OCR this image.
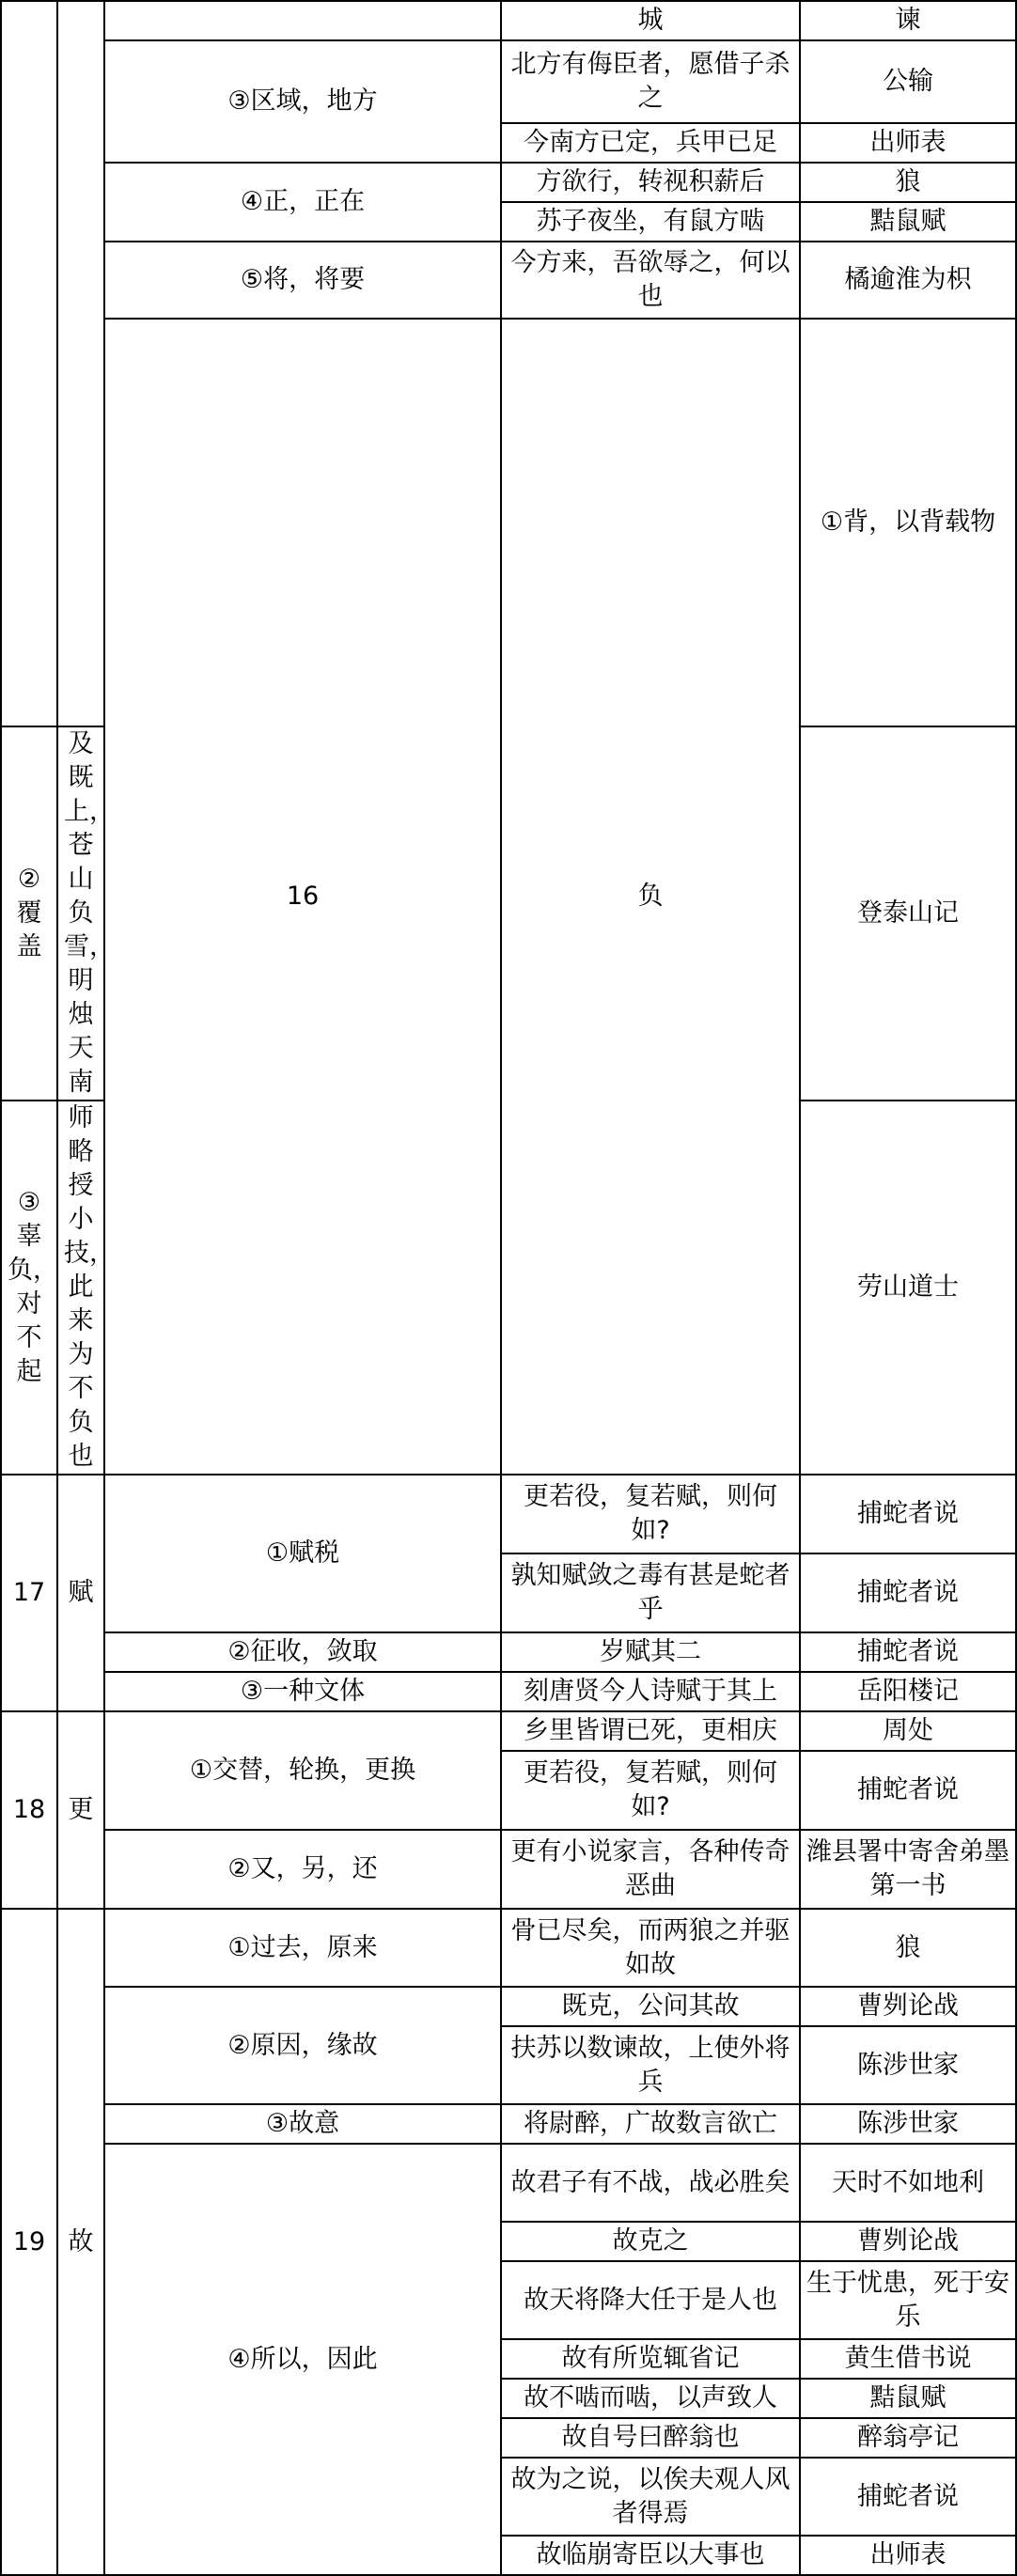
			城	谏	
		③区域，地方	北方有侮臣者，愿借子杀之	公输	
			今南方已定，兵甲已足	出师表	
		④正，正在	方欲行，转视积薪后	狼	
			苏子夜坐，有鼠方啮	黠鼠赋	
		⑤将，将要	今方来，吾欲辱之，何以也	橘逾淮为枳	
		16	负	①背，以背载物		
②覆盖	及既上，苍山负雪，明烛天南			登泰山记	
③辜负，对不起	师略授小技，此来为不负也			劳山道士	
17	赋	①赋税	更若役，复若赋，则何如?	捕蛇者说	
			孰知赋敛之毒有甚是蛇者乎	捕蛇者说	
		②征收，敛取	岁赋其二	捕蛇者说	
		③一种文体	刻唐贤今人诗赋于其上	岳阳楼记	
18	更	①交替，轮换，更换	乡里皆谓已死，更相庆	周处	
			更若役，复若赋，则何如?	捕蛇者说	
		②又，另，还	更有小说家言，各种传奇恶曲	潍县署中寄舍弟墨第一书	
19	故	①过去，原来	骨已尽矣，而两狼之并驱如故	狼	
		②原因，缘故	既克，公问其故	曹刿论战	
			扶苏以数谏故，上使外将兵	陈涉世家	
		③故意	将尉醉，广故数言欲亡	陈涉世家	
		④所以，因此	故君子有不战，战必胜矣	天时不如地利	
			故克之	曹刿论战	
			故天将降大任于是人也	生于忧患，死于安乐	
			故有所览辄省记	黄生借书说	
			故不啮而啮，以声致人	黠鼠赋	
			故自号曰醉翁也	醉翁亭记	
			故为之说，以俟夫观人风者得焉	捕蛇者说	
			故临崩寄臣以大事也	出师表	
